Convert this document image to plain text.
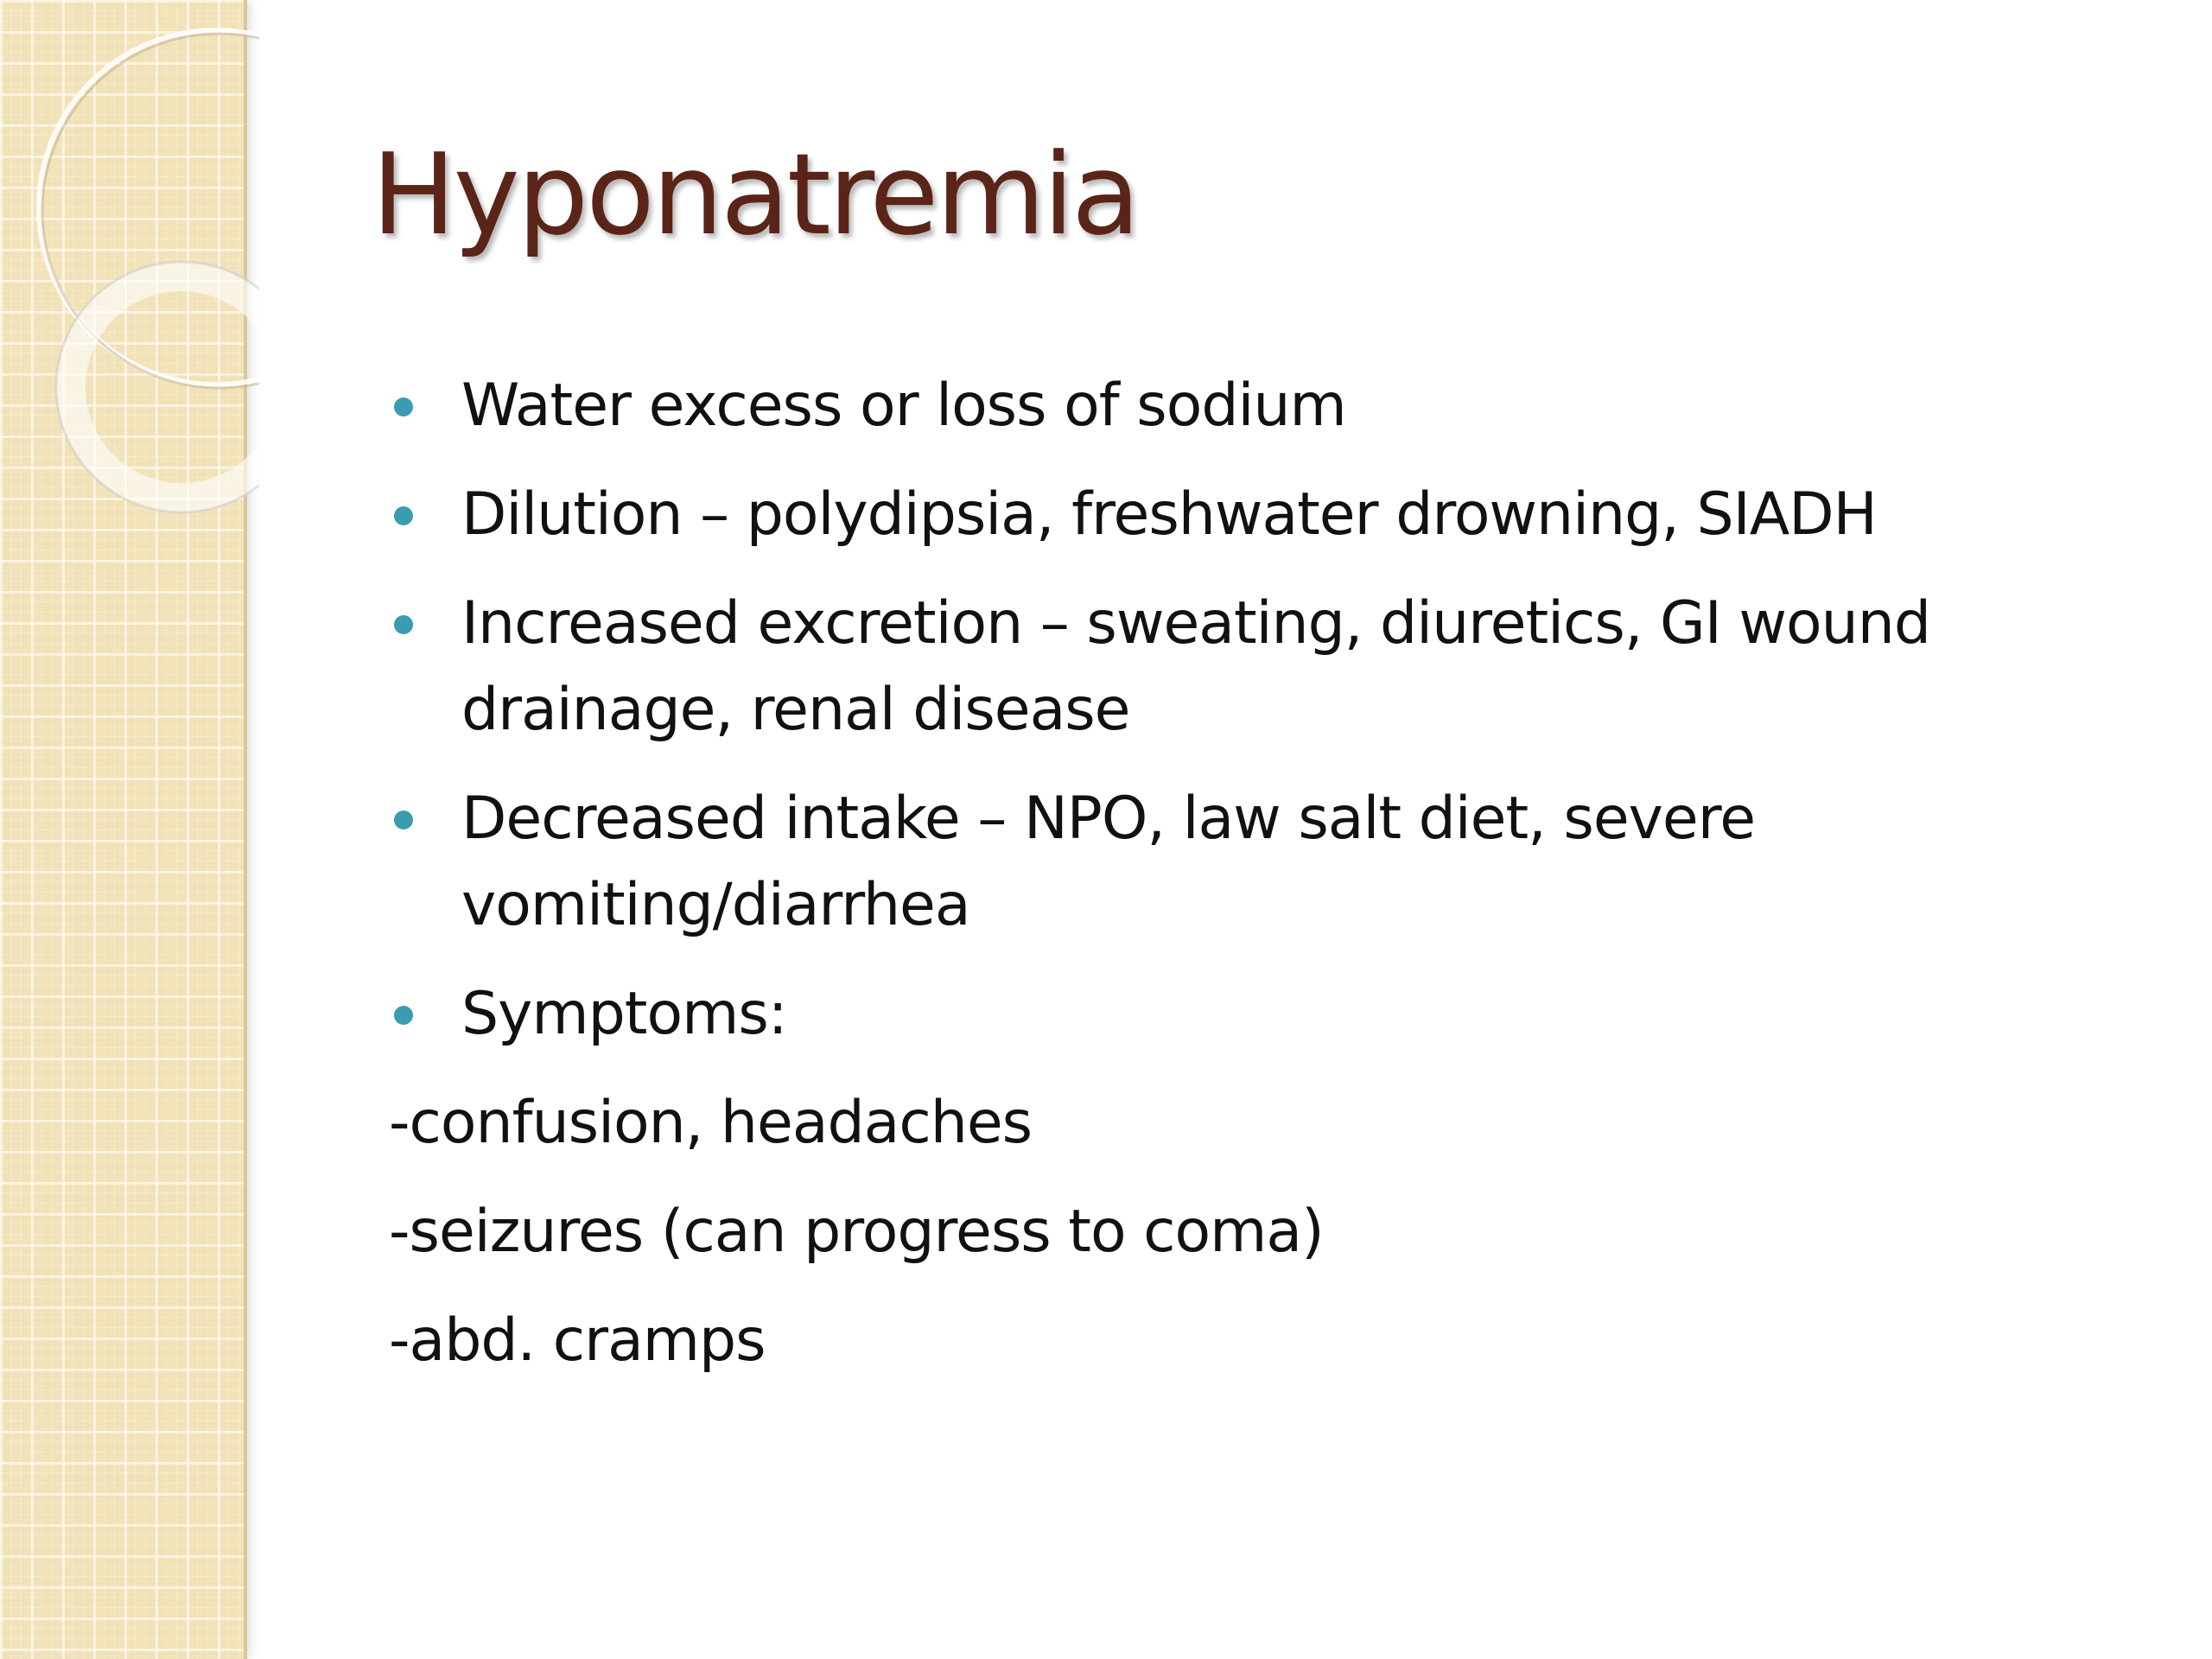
Hyponatremia
Water excess or loss of sodium
Dilution – polydipsia, freshwater drowning, SIADH
Increased excretion – sweating, diuretics, GI wound drainage, renal disease
Decreased intake – NPO, law salt diet, severe vomiting/diarrhea
Symptoms:
-confusion, headaches
-seizures (can progress to coma)
-abd. cramps
